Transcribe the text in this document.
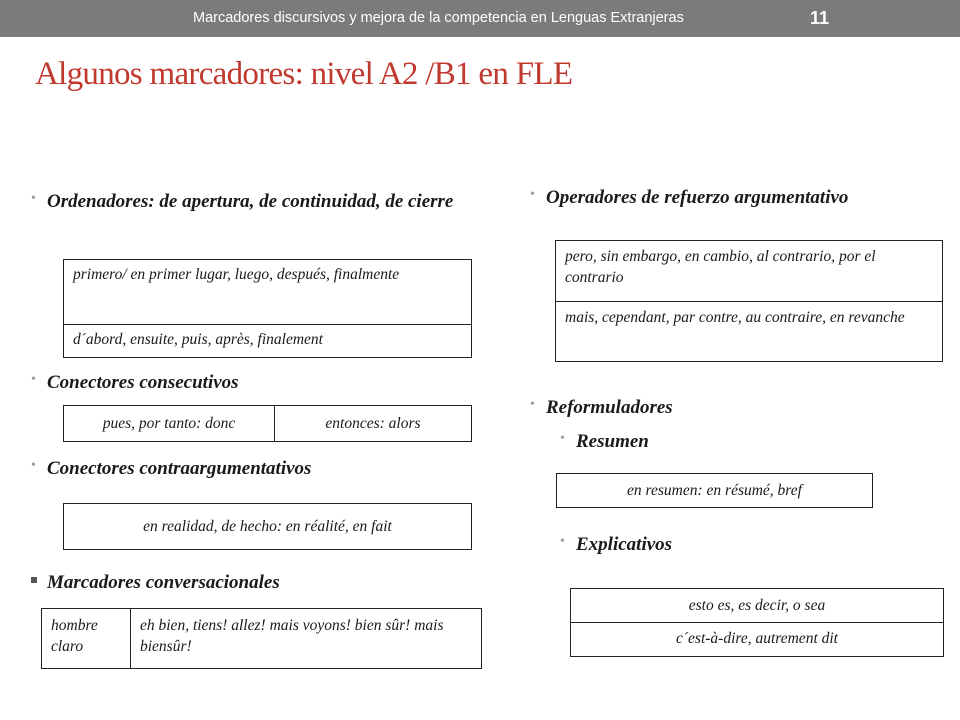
Marcadores discursivos y mejora de la competencia en Lenguas Extranjeras	11
Algunos marcadores: nivel A2 /B1 en FLE
• Ordenadores: de apertura, de continuidad, de cierre
primero/ en primer lugar, luego, después, finalmente
d´abord, ensuite, puis, après, finalement
• Conectores consecutivos
pues, por tanto: donc	entonces: alors
• Conectores contraargumentativos
en realidad, de hecho: en réalité, en fait
Marcadores conversacionales
hombre claro
eh bien, tiens! allez! mais voyons! bien sûr! mais biensûr!
• Operadores de refuerzo argumentativo
pero, sin embargo, en cambio, al contrario, por el contrario
mais, cependant, par contre, au contraire, en revanche
• Reformuladores
• Resumen
en resumen: en résumé, bref
• Explicativos
esto es, es decir, o sea
c´est-à-dire, autrement dit
